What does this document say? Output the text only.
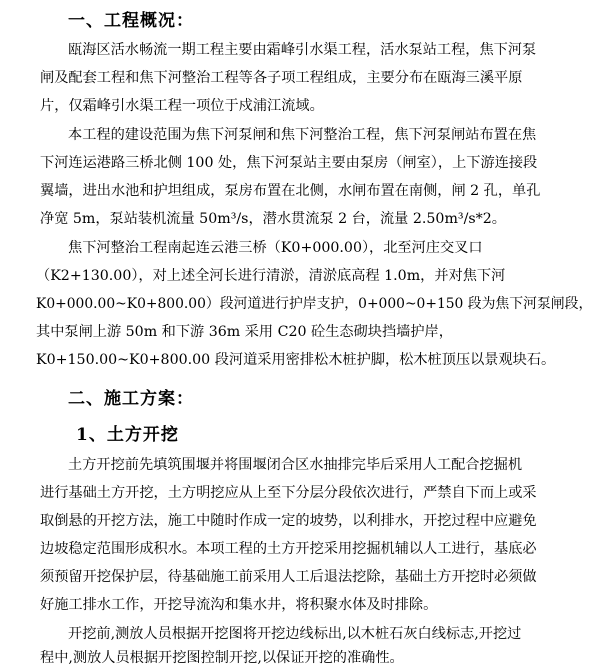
一、工程概况：
瓯海区活水畅流一期工程主要由霜峰引水渠工程，活水泵站工程，焦下河泵
闸及配套工程和焦下河整治工程等各子项工程组成，主要分布在瓯海三溪平原
片，仅霜峰引水渠工程一项位于戍浦江流域。
本工程的建设范围为焦下河泵闸和焦下河整治工程，焦下河泵闸站布置在焦
下河连运港路三桥北侧 100 处，焦下河泵站主要由泵房（闸室），上下游连接段
翼墙，进出水池和护坦组成，泵房布置在北侧，水闸布置在南侧，闸 2 孔，单孔
净宽 5m，泵站装机流量 50m³/s，潜水贯流泵 2 台，流量 2.50m³/s*2。
焦下河整治工程南起连云港三桥（K0+000.00），北至河庄交叉口
（K2+130.00），对上述全河长进行清淤，清淤底高程 1.0m，并对焦下河
K0+000.00~K0+800.00）段河道进行护岸支护，0+000~0+150 段为焦下河泵闸段，
其中泵闸上游 50m 和下游 36m 采用 C20 砼生态砌块挡墙护岸，
K0+150.00~K0+800.00 段河道采用密排松木桩护脚，松木桩顶压以景观块石。
二、施工方案：
1、土方开挖
土方开挖前先填筑围堰并将围堰闭合区水抽排完毕后采用人工配合挖掘机
进行基础土方开挖，土方明挖应从上至下分层分段依次进行，严禁自下而上或采
取倒悬的开挖方法，施工中随时作成一定的坡势，以利排水，开挖过程中应避免
边坡稳定范围形成积水。本项工程的土方开挖采用挖掘机辅以人工进行，基底必
须预留开挖保护层，待基础施工前采用人工后退法挖除，基础土方开挖时必须做
好施工排水工作，开挖导流沟和集水井，将积聚水体及时排除。
开挖前,测放人员根据开挖图将开挖边线标出,以木桩石灰白线标志,开挖过
程中,测放人员根据开挖图控制开挖,以保证开挖的准确性。
